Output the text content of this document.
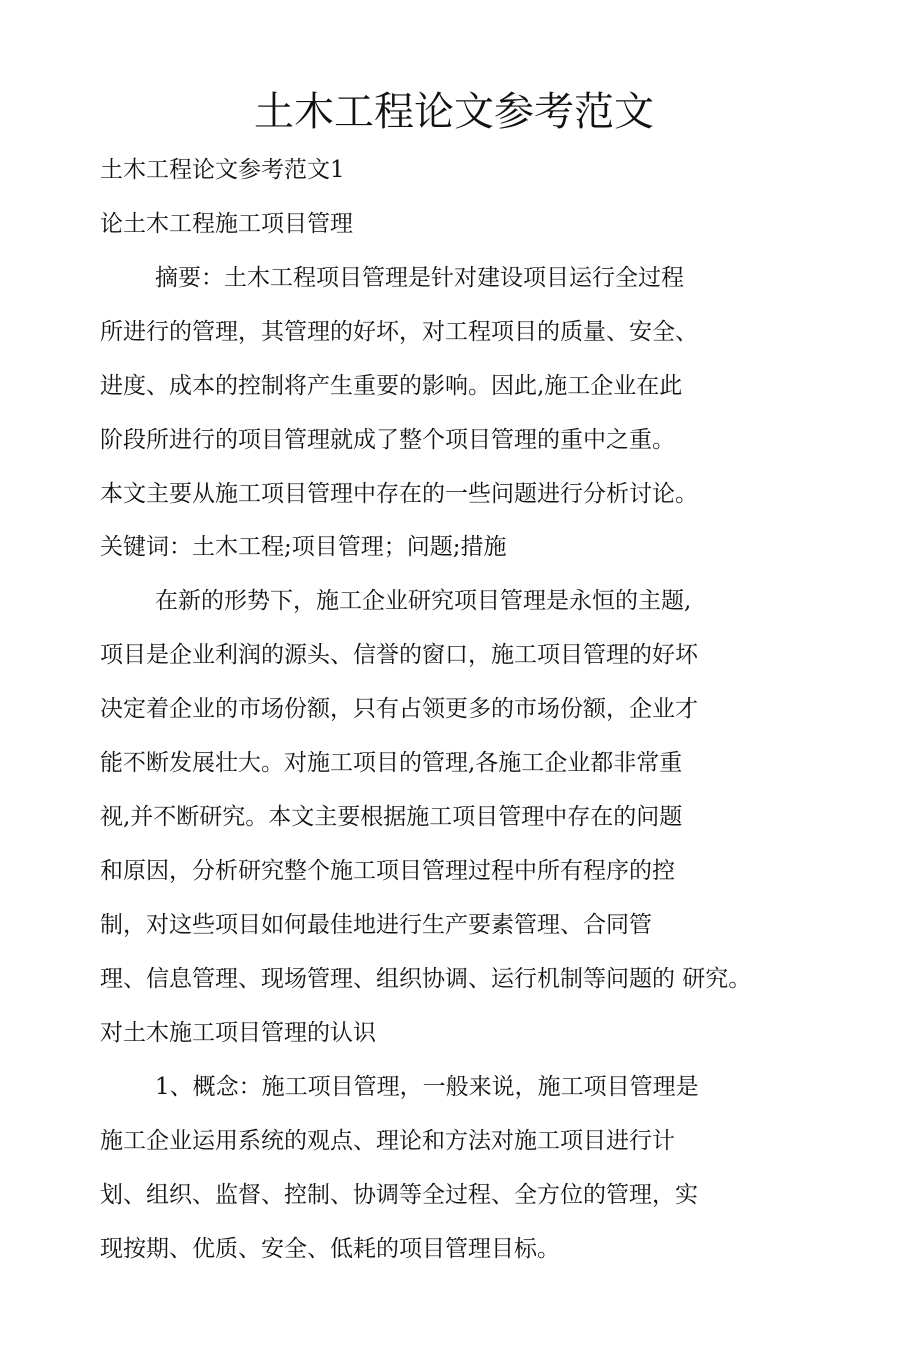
土木工程论文参考范文
土木工程论文参考范文1
论土木工程施工项目管理
摘要：土木工程项目管理是针对建设项目运行全过程
所进行的管理，其管理的好坏，对工程项目的质量、安全、
进度、成本的控制将产生重要的影响。因此,施工企业在此
阶段所进行的项目管理就成了整个项目管理的重中之重。
本文主要从施工项目管理中存在的一些问题进行分析讨论。
关键词：土木工程;项目管理；问题;措施
在新的形势下，施工企业研究项目管理是永恒的主题,
项目是企业利润的源头、信誉的窗口，施工项目管理的好坏
决定着企业的市场份额，只有占领更多的市场份额，企业才
能不断发展壮大。对施工项目的管理,各施工企业都非常重
视,并不断研究。本文主要根据施工项目管理中存在的问题
和原因，分析研究整个施工项目管理过程中所有程序的控
制，对这些项目如何最佳地进行生产要素管理、合同管
理、信息管理、现场管理、组织协调、运行机制等问题的 研究。
对土木施工项目管理的认识
1、概念：施工项目管理，一般来说，施工项目管理是
施工企业运用系统的观点、理论和方法对施工项目进行计
划、组织、监督、控制、协调等全过程、全方位的管理，实
现按期、优质、安全、低耗的项目管理目标。
